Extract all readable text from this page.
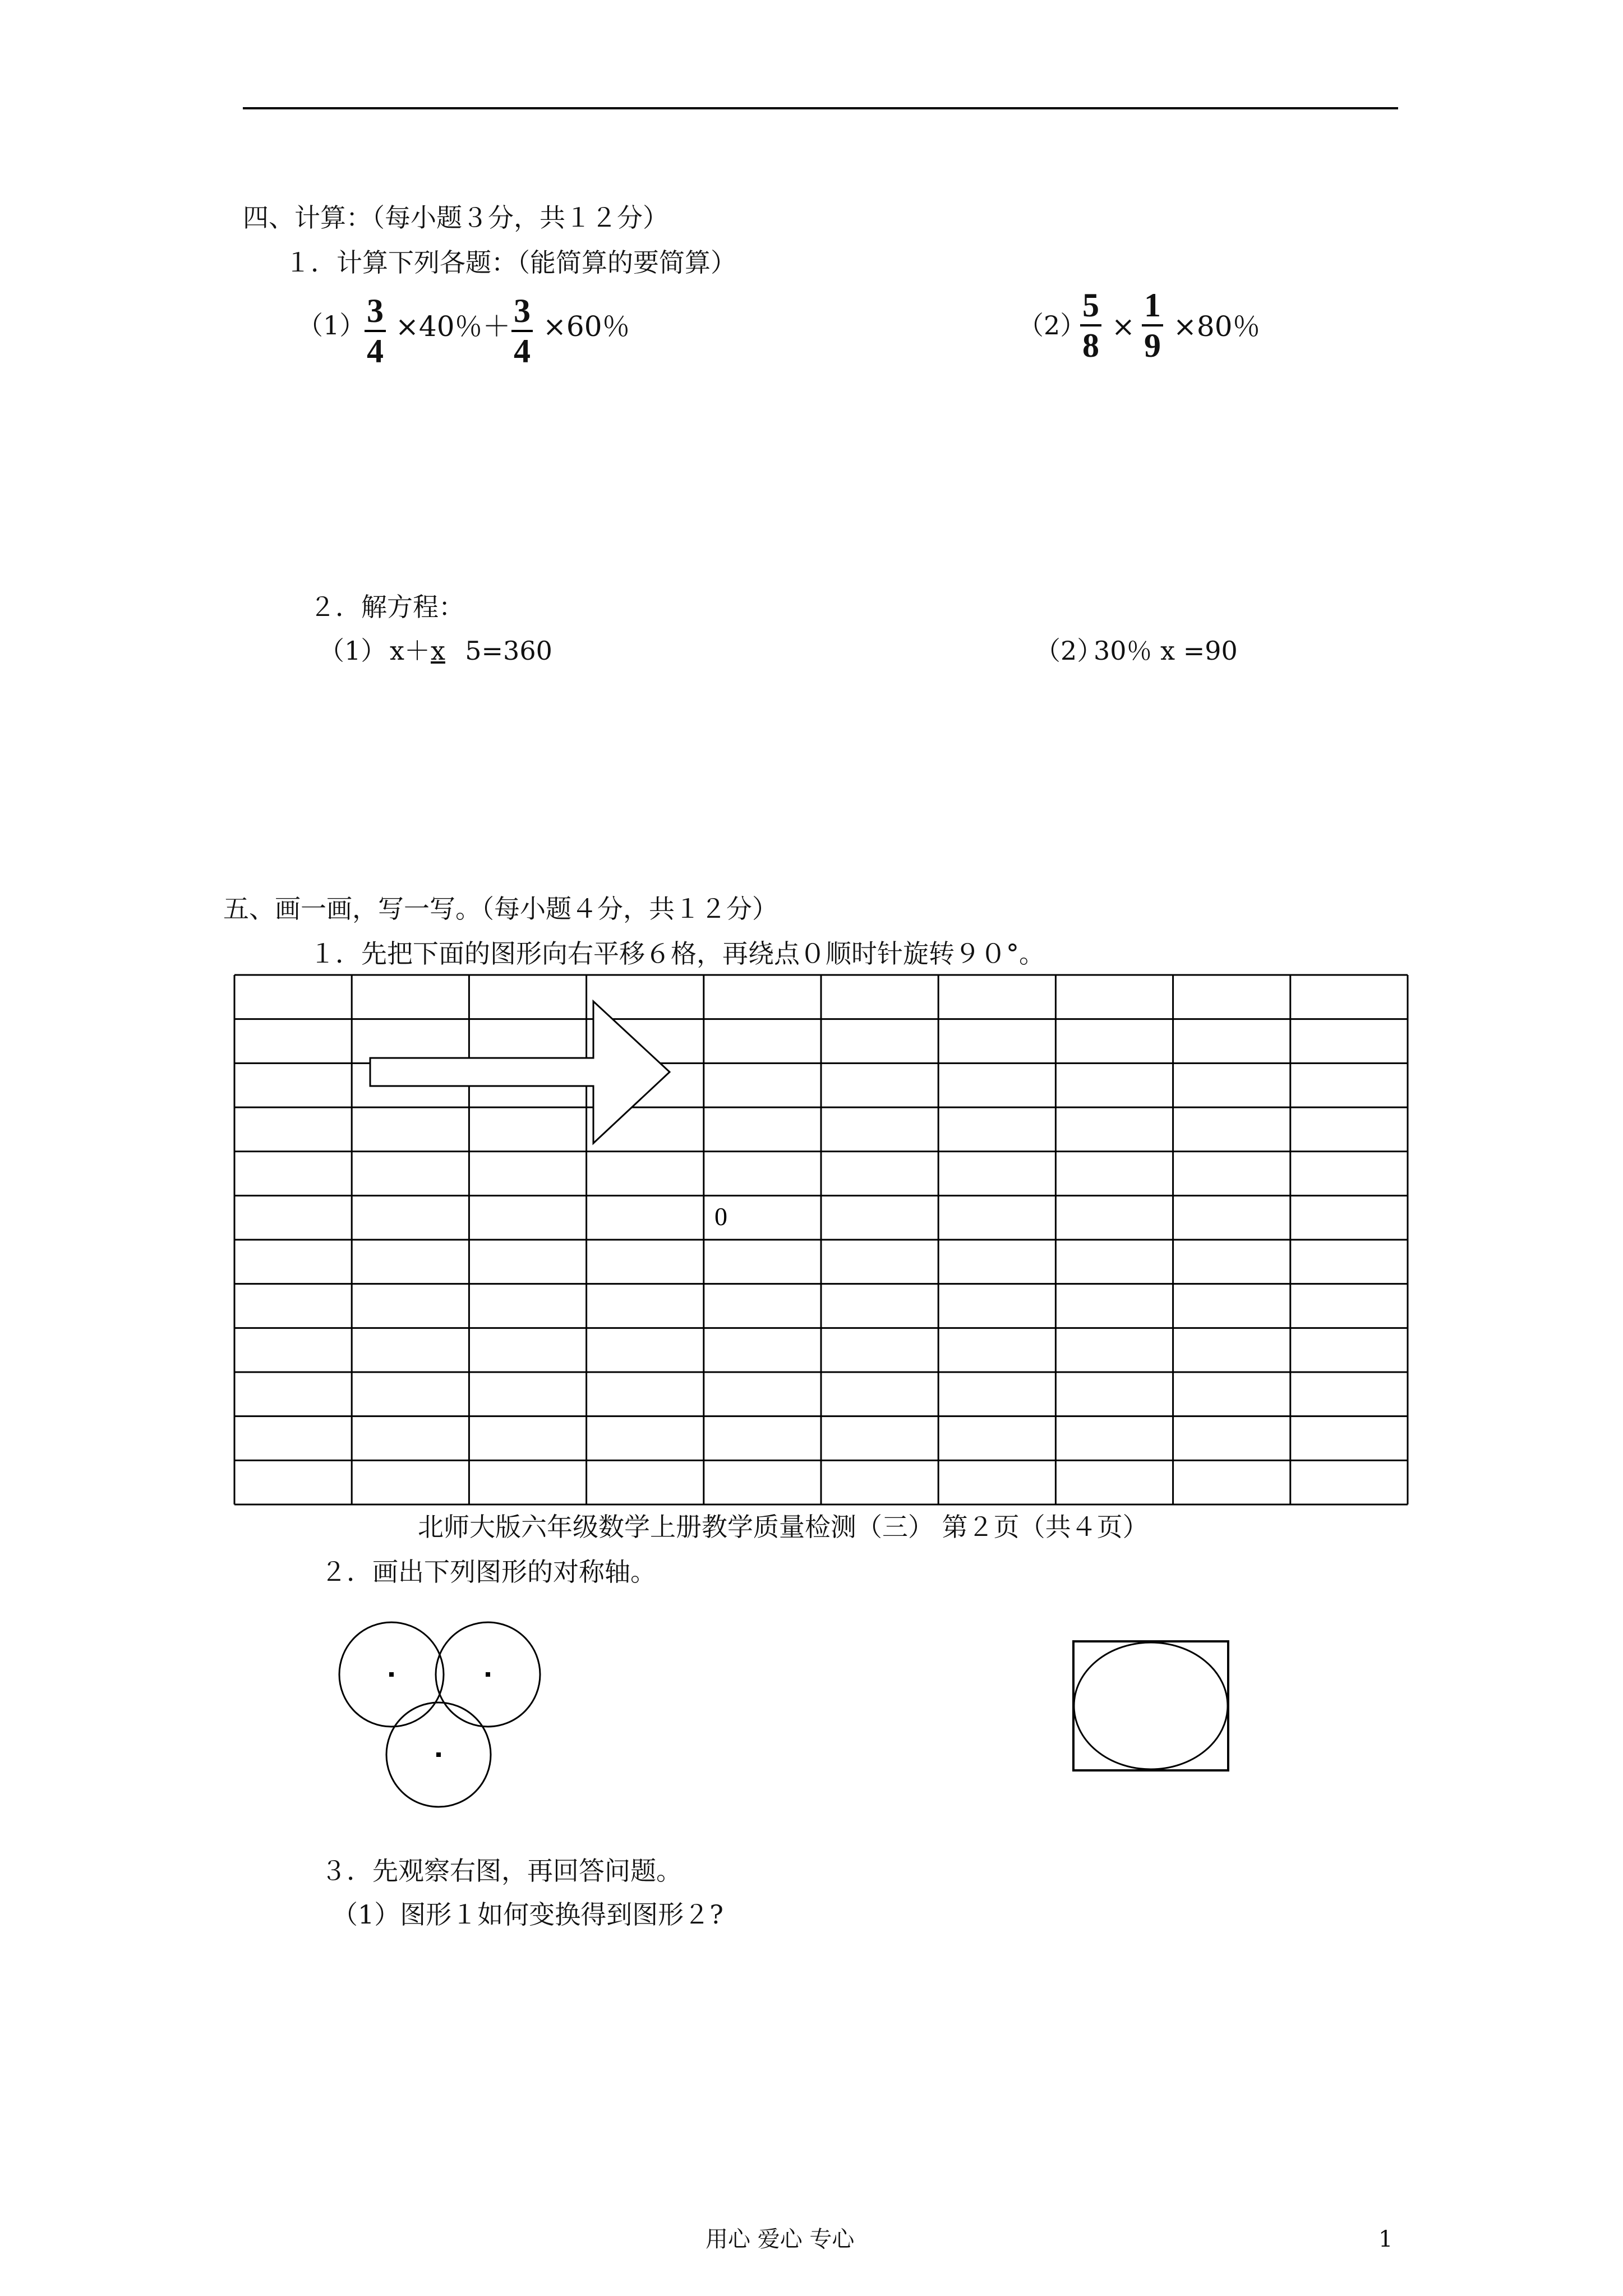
四、计算：（每小题３分，共１２分）
１．计算下列各题：（能简算的要简算）
（1）
$\frac{3}{4} \times 40$％＋ $\frac{3}{4} \times 60$％	（2）
$\frac{5}{8} \times \frac{1}{9} \times 80$％
２．解方程：
（1） x＋ x 5=360	（2）
30％ x =90
五、画一画，写一写。（每小题４分，共１２分）
１．先把下面的图形向右平移６格，再绕点０顺时针旋转９０°。
0
北师大版六年级数学上册教学质量检测（三） 第２页（共４页）
２．画出下列图形的对称轴。
３．先观察右图，再回答问题。
（1）图形１如何变换得到图形２?
用心 爱心 专心	1
